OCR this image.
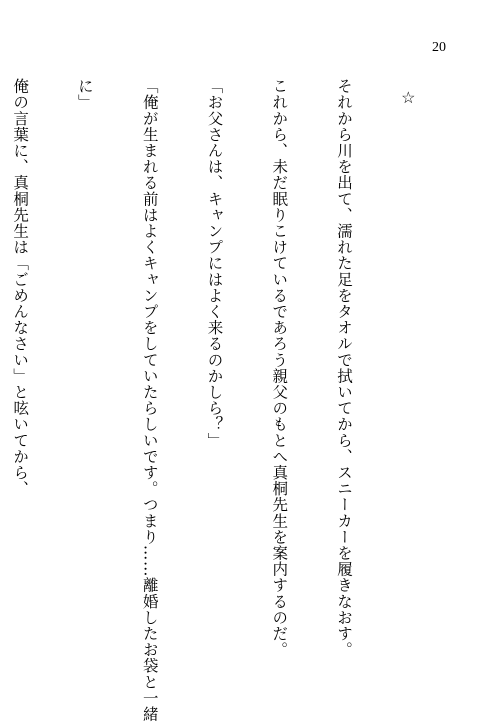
20

☆

それから川を出て、濡れた足をタオルで拭いてから、スニーカーを履きなおす。

これから、未だ眠りこけているであろう親父のもとへ真桐先生を案内するのだ。

「お父さんは、キャンプにはよく来るのかしら？」

「俺が生まれる前はよくキャンプをしていたらしいです。つまり……離婚したお袋と一緒

に」

俺の言葉に、真桐先生は「ごめんなさい」と呟いてから、
